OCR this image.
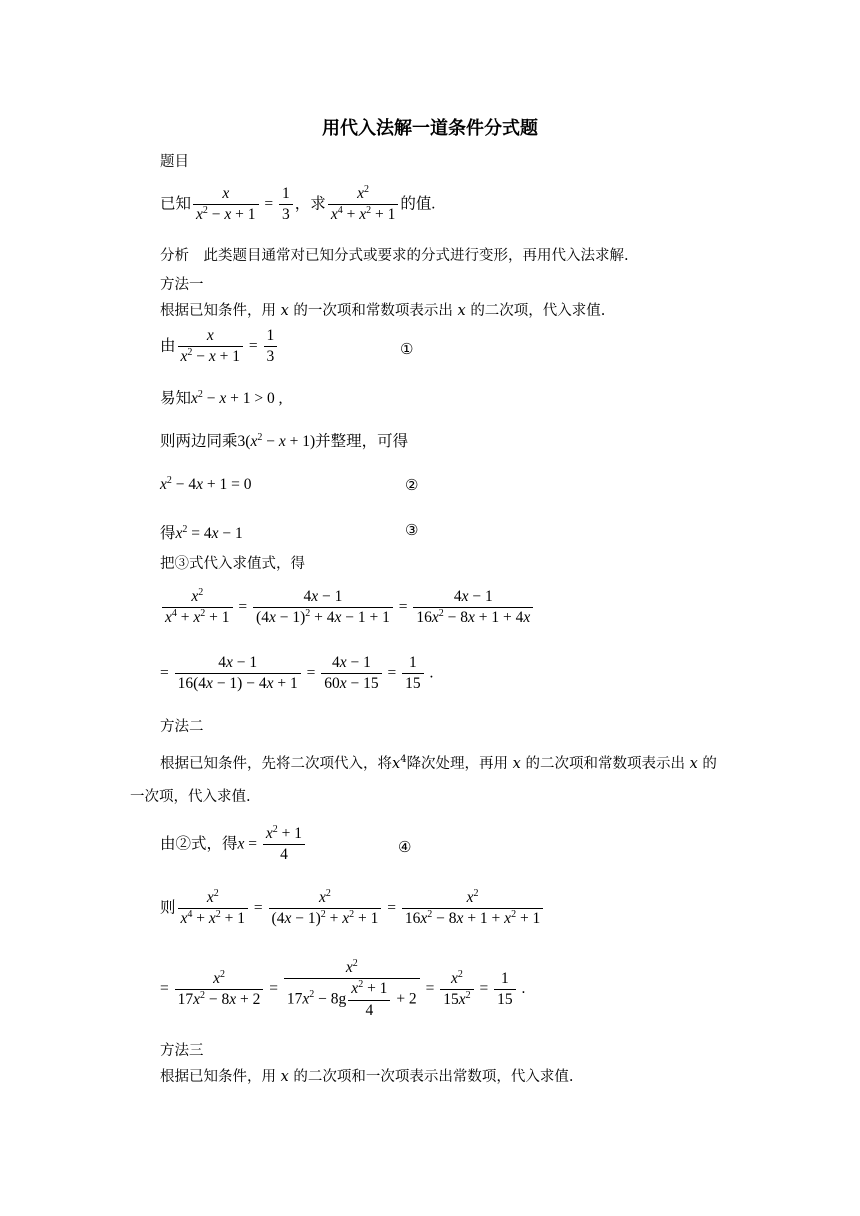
用代入法解一道条件分式题
题目
已知 $\frac{x}{x^2 - x + 1} = \frac{1}{3}$ ，求 $\frac{x^2}{x^4 + x^2 + 1}$ 的值.
分析　此类题目通常对已知分式或要求的分式进行变形，再用代入法求解.
方法一
根据已知条件，用 x 的一次项和常数项表示出 x 的二次项，代入求值.
由 $\frac{x}{x^2 - x + 1} = \frac{1}{3}$	①
易知$x^2 - x + 1 > 0$ ,
则两边同乘$3(x^2 - x + 1)$并整理，可得
$x^2 - 4x + 1 = 0$	②
得$x^2 = 4x - 1$	③
把③式代入求值式，得
$\frac{x^2}{x^4 + x^2 + 1} = \frac{4x - 1}{(4x - 1)^2 + 4x - 1 + 1} = \frac{4x - 1}{16x^2 - 8x + 1 + 4x}$
= $\frac{4x - 1}{16(4x - 1) - 4x + 1} = \frac{4x - 1}{60x - 15} = \frac{1}{15}$ .
方法二
根据已知条件，先将二次项代入，将$x^4$降次处理，再用 x 的二次项和常数项表示出 x 的
一次项，代入求值.
由②式，得$x = \frac{x^2 + 1}{4}$	④
则 $\frac{x^2}{x^4 + x^2 + 1} = \frac{x^2}{(4x - 1)^2 + x^2 + 1} = \frac{x^2}{16x^2 - 8x + 1 + x^2 + 1}$
= $\frac{x^2}{17x^2 - 8x + 2} = \frac{x^2}{17x^2 - 8g \frac{x^2 + 1}{4} + 2} = \frac{x^2}{15x^2} = \frac{1}{15}$ .
方法三
根据已知条件，用 x 的二次项和一次项表示出常数项，代入求值.
